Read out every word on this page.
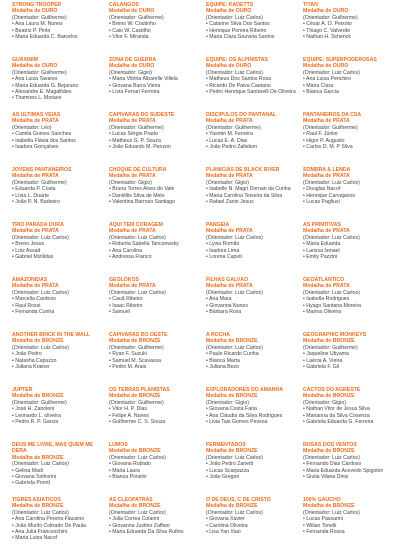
STRONG TROOPER
Medalha de OURO
(Orientador: Guilherme)
• Ana Laura M. Nunes
• Beatriz P. Pinto
• Maria Eduarda C. Barcelos
CALANGOS
Medalha de OURO
(Orientador: Guilherme)
• Breno W. Coutinho
• Caio W. Castilho
• Vitor F. Miranda
EQUIPE: KADETTS
Medalha de OURO
(Orientador: Luiz Carlos)
• Catarine Silva Dos Santos
• Henrique Pereira Ribeiro
• Maria Clara Gouveia Santos
TITAN
Medalha de OURO
(Orientador: Guilherme)
• César A. O. Peixoto
• Thiago C. Valverde
• Nathan H. Schenck
GUAXINIM
Medalha de OURO
(Orientador: Guilherme)
• Ana Luiza Tavares
• Maria Eduarda G. Bejarano
• Alexandre E. Magalhães
• Thamires L. Moraes
ZONA DE GUERRA
Medalha de OURO
(Orientador: Gigio)
• Maria Vitória Albarelle Villela
• Giovana Barra Vieira
• Lívia Ferrari Ferreira
EQUIPE: OS ALPINISTAS
Medalha de OURO
(Orientador: Luiz Carlos)
• Matheus Dos Santos Rosa
• Ricardo De Paiva Caetano
• Pedro Henrique Santarelli De Oliveira
EQUIPE: SUPERPODEROSAS
Medalha de OURO
(Orientador: Luiz Carlos)
• Ana Luisa Penchiro
• Maria Clara
• Bianca Garcia
AS ÚLTIMAS VEIAS
Medalha de PRATA
(Orientador: Léo)
• Camila Gomes Sanches
• Isabella Flávia dos Santos
• Isadora Gonçalves
CAPIVARAS DO SUDESTE
Medalha de PRATA
(Orientador: Guilherme)
• Lucas Sérgio Prado
• Matheus G. P. Souza
• João Eduardo M. Penzon
DISCÍPULOS DO PANTANAL
Medalha de PRATA
(Orientador: Guilherme)
• Yasmin M. Ferreira
• Lucas E. A. Dias
• João Pedro Zallebon
PANTANEIROS DA CSA
Medalha de PRATA
(Orientador: Guilherme)
• Raul F. Júnior
• Higor P. Augusto
• Carlos D. M. P Silva
JOVENS PANTANEIROS
Medalha de PRATA
(Orientador: Guilherme)
• Eduarda P. Costa
• Lívia L. Duarte
• João P. N. Barbeiro
CHOQUE DE CULTURA
Medalha de PRATA
(Orientador: Gigio)
• Bruna Torres Alves do Vale
• Daniéllis Silva de Melo
• Valentina Barroso Santiago
PLANÍCIAS DE BLACK RIVER
Medalha de PRATA
(Orientador: Gigio)
• Isabelle N. Magri Dornan da Cunha
• Maria Carolina Teixeira da Silva
• Rafael Zanin Jesus
SOMBRA & LENDA
Medalha de PRATA
(Orientador: Luiz Carlos)
• Douglas Nacof
• Henrique Carvajanos
• Lucas Pagliusi
TRIO PARADA DURA
Medalha de PRATA
(Orientador: Luiz Carlos)
• Breno Jesus
• Luiz Assad
• Gabriel Mizilidas
AQUI TEM CORAGEM
Medalha de PRATA
(Orientador: Luiz Carlos)
• Roberta Sabella Tanczewsky
• Ana Carolina
• Andressa Franco
PANGÉIA
Medalha de PRATA
(Orientador: Luiz Carlos)
• Lyvia Romão
• Isadora Lima
• Lorena Caputi
AS PRIMITIVAS
Medalha de PRATA
(Orientador: Luiz Carlos)
• Maria Eduarda
• Larissa Ismael
• Emily Pazzini
AMAZONIDAS
Medalha de PRATA
(Orientador: Luiz Carlos)
• Marcella Cardoso
• Raul Rossi
• Fernanda Cunha
GEOLOKOS
Medalha de PRATA
(Orientador: Luiz Carlos)
• Cauã Ribeiro
• Isaac Ribeiro
• Samuel
FILHAS GALVÃO
Medalha de PRATA
(Orientador: Luiz Carlos)
• Ana Mara
• Giovanna Nunes
• Bárbara Rosa
GEOATLÂNTICO
Medalha de PRATA
(Orientador: Luiz Carlos)
• Isabella Rodrigues
• Hyago Santana Moreira
• Marina Oliveira
ANOTHER BRICK IN THE WALL
Medalha de BRONZE
(Orientador: Luiz Carlos)
• João Pedro
• Natasha Capuzzo
• Juliana Krainer
CAPIVARAS DO OESTE
Medalha de BRONZE
(Orientador: Guilherme)
• Ryan F. Suzuki
• Samuel M. Scavassa
• Pedro M. Arais
A ROCHA
Medalha de BRONZE
(Orientador: Luiz Carlos)
• Paulo Ricardo Cunha
• Bianca Marta
• Juliana Bezo
GEOGRAPHIC MONKEYS
Medalha de BRONZE
(Orientador: Guilherme)
• Jaqueline Utiyama
• Laécia A. Vieira
• Gabriela F. Gil
JÚPTER
Medalha de BRONZE
(Orientador: Guilherme)
• José H. Zanoleni
• Leonardo L. oliveira
• Pedro R. P. Garcia
OS TERRAS PLANISTAS
Medalha de BRONZE
(Orientador: Guilherme)
• Vitor H. P. Dias
• Felipe A. Nunes
• Guilherme C. S. Souza
EXPLORADORES DO AMANHÃ
Medalha de BRONZE
(Orientador: Gigio)
• Giovana Costa Faria
• Ana Cláudia da Silva Rodrigues
• Livia Tais Gomes Pessoa
CACTOS DO AGRESTE
Medalha de BRONZE
(Orientador: Gigio)
• Nathan Vitor de Jesus Silva
• Marianna da Silva Cosenza
• Gabriela Eduarda G. Ferreira
DEUS ME LIVRE, MAS QUEM ME DERA
Medalha de BRONZE
(Orientador: Luiz Carlos)
• Gelina Madi
• Giovana Sinhorini
• Gabriela Prontl
LUMOS
Medalha de BRONZE
(Orientador: Luiz Carlos)
• Giovana Rubiato
• Maria Laura
• Bianca Ponzini
FERMENTADOS
Medalha de BRONZE
(Orientador: Luiz Carlos)
• João Pedro Zanetti
• Lucas Scarpazza
• João Gregori
ROSAS DOS VENTOS
Medalha de BRONZE
(Orientador: Luiz Carlos)
• Fernando Dias Cardoso
• Maria Eduarda Acevedo Spigolon
• Giulia Vilana Dinis
TIGRES ASIÁTICOS
Medalha de BRONZE
(Orientador: Luiz Carlos)
• Ana Carolina Pereira Flausino
• João Murilo Coltrado De Paula
• Ana Julia Franceschini
• Maria Luiza Nacof
AS CLEÓPATRAS
Medalha de BRONZE
(Orientador: Luiz Carlos)
• Julia Correa Colarini
• Giovanna Justino Zaffani
• Maria Eduarda Da Silva Rufino
Ó DE DEUS, C DE CRISTO
Medalha de BRONZE
(Orientador: Luiz Carlos)
• Giovana Xavier
• Carolina Oliveira
• Lisa Yan Xiao
100% GAÚCHO
Medalha de BRONZE
(Orientador: Luiz Carlos)
• Lucas Passarini
• Wilian Tonelli
• Fernanda Rossa
